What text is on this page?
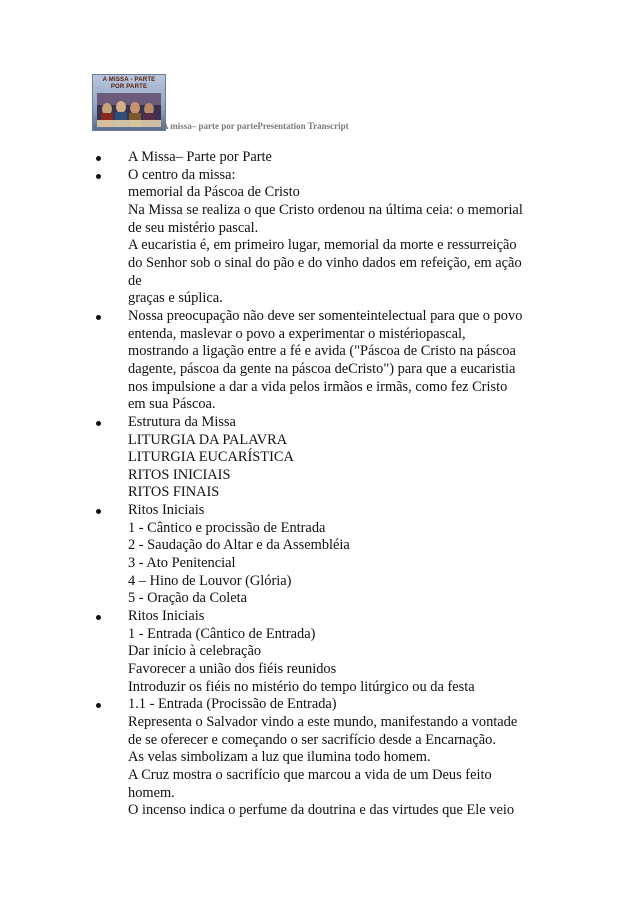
A MISSA - PARTE POR PARTE
A missa– parte por partePresentation Transcript
A Missa– Parte por Parte
O centro da missa:
memorial da Páscoa de Cristo
Na Missa se realiza o que Cristo ordenou na última ceia: o memorial
de seu mistério pascal.
A eucaristia é, em primeiro lugar, memorial da morte e ressurreição
do Senhor sob o sinal do pão e do vinho dados em refeição, em ação
de
graças e súplica.
Nossa preocupação não deve ser somenteintelectual para que o povo
entenda, maslevar o povo a experimentar o mistériopascal,
mostrando a ligação entre a fé e avida ("Páscoa de Cristo na páscoa
dagente, páscoa da gente na páscoa deCristo") para que a eucaristia
nos impulsione a dar a vida pelos irmãos e irmãs, como fez Cristo
em sua Páscoa.
Estrutura da Missa
LITURGIA DA PALAVRA
LITURGIA EUCARÍSTICA
RITOS INICIAIS
RITOS FINAIS
Ritos Iniciais
1 - Cântico e procissão de Entrada
2 - Saudação do Altar e da Assembléia
3 - Ato Penitencial
4 – Hino de Louvor (Glória)
5 - Oração da Coleta
Ritos Iniciais
1 - Entrada (Cântico de Entrada)
Dar início à celebração
Favorecer a união dos fiéis reunidos
Introduzir os fiéis no mistério do tempo litúrgico ou da festa
1.1 - Entrada (Procissão de Entrada)
Representa o Salvador vindo a este mundo, manifestando a vontade
de se oferecer e começando o ser sacrifício desde a Encarnação.
As velas simbolizam a luz que ilumina todo homem.
A Cruz mostra o sacrifício que marcou a vida de um Deus feito
homem.
O incenso indica o perfume da doutrina e das virtudes que Ele veio
